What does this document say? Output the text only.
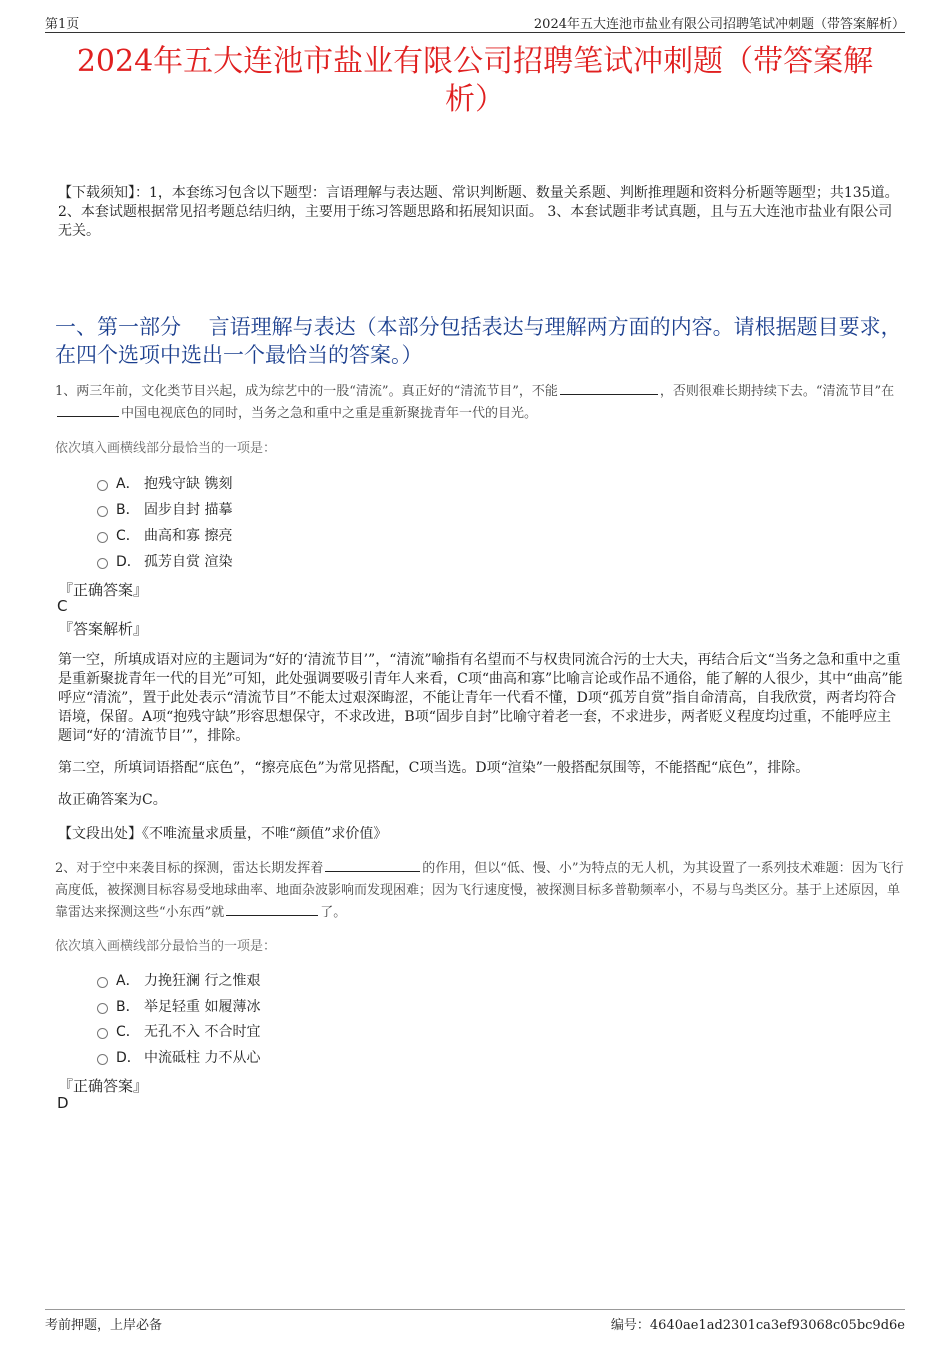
第1页	2024年五大连池市盐业有限公司招聘笔试冲刺题（带答案解析）
2024年五大连池市盐业有限公司招聘笔试冲刺题（带答案解
析）
【下载须知】：1，本套练习包含以下题型：言语理解与表达题、常识判断题、数量关系题、判断推理题和资料分析题等题型；共135道。 2、本套试题根据常见招考题总结归纳，主要用于练习答题思路和拓展知识面。 3、本套试题非考试真题，且与五大连池市盐业有限公司无关。
一、第一部分　 言语理解与表达（本部分包括表达与理解两方面的内容。请根据题目要求，在四个选项中选出一个最恰当的答案。）
1、两三年前，文化类节目兴起，成为综艺中的一股“清流”。真正好的“清流节目”，不能	，否则很难长期持续下去。“清流节目”在中国电视底色的同时，当务之急和重中之重是重新聚拢青年一代的目光。
依次填入画横线部分最恰当的一项是：
A． 抱残守缺 镌刻
B． 固步自封 描摹
C． 曲高和寡 擦亮
D． 孤芳自赏 渲染
『正确答案』
C
『答案解析』
第一空，所填成语对应的主题词为“好的‘清流节目’”，“清流”喻指有名望而不与权贵同流合污的士大夫，再结合后文“当务之急和重中之重是重新聚拢青年一代的目光”可知，此处强调要吸引青年人来看，C项“曲高和寡”比喻言论或作品不通俗，能了解的人很少，其中“曲高”能呼应“清流”，置于此处表示“清流节目”不能太过艰深晦涩，不能让青年一代看不懂，D项“孤芳自赏”指自命清高，自我欣赏，两者均符合语境，保留。A项“抱残守缺”形容思想保守，不求改进，B项“固步自封”比喻守着老一套，不求进步，两者贬义程度均过重，不能呼应主题词“好的‘清流节目’”，排除。
第二空，所填词语搭配“底色”，“擦亮底色”为常见搭配，C项当选。D项“渲染”一般搭配氛围等，不能搭配“底色”，排除。
故正确答案为C。
【文段出处】《不唯流量求质量，不唯“颜值”求价值》
2、对于空中来袭目标的探测，雷达长期发挥着	的作用，但以“低、慢、小”为特点的无人机，为其设置了一系列技术难题：因为飞行高度低，被探测目标容易受地球曲率、地面杂波影响而发现困难；因为飞行速度慢，被探测目标多普勒频率小，不易与鸟类区分。基于上述原因，单靠雷达来探测这些“小东西”就	了。
依次填入画横线部分最恰当的一项是：
A． 力挽狂澜 行之惟艰
B． 举足轻重 如履薄冰
C． 无孔不入 不合时宜
D． 中流砥柱 力不从心
『正确答案』
D
考前押题，上岸必备	编号：4640ae1ad2301ca3ef93068c05bc9d6e
